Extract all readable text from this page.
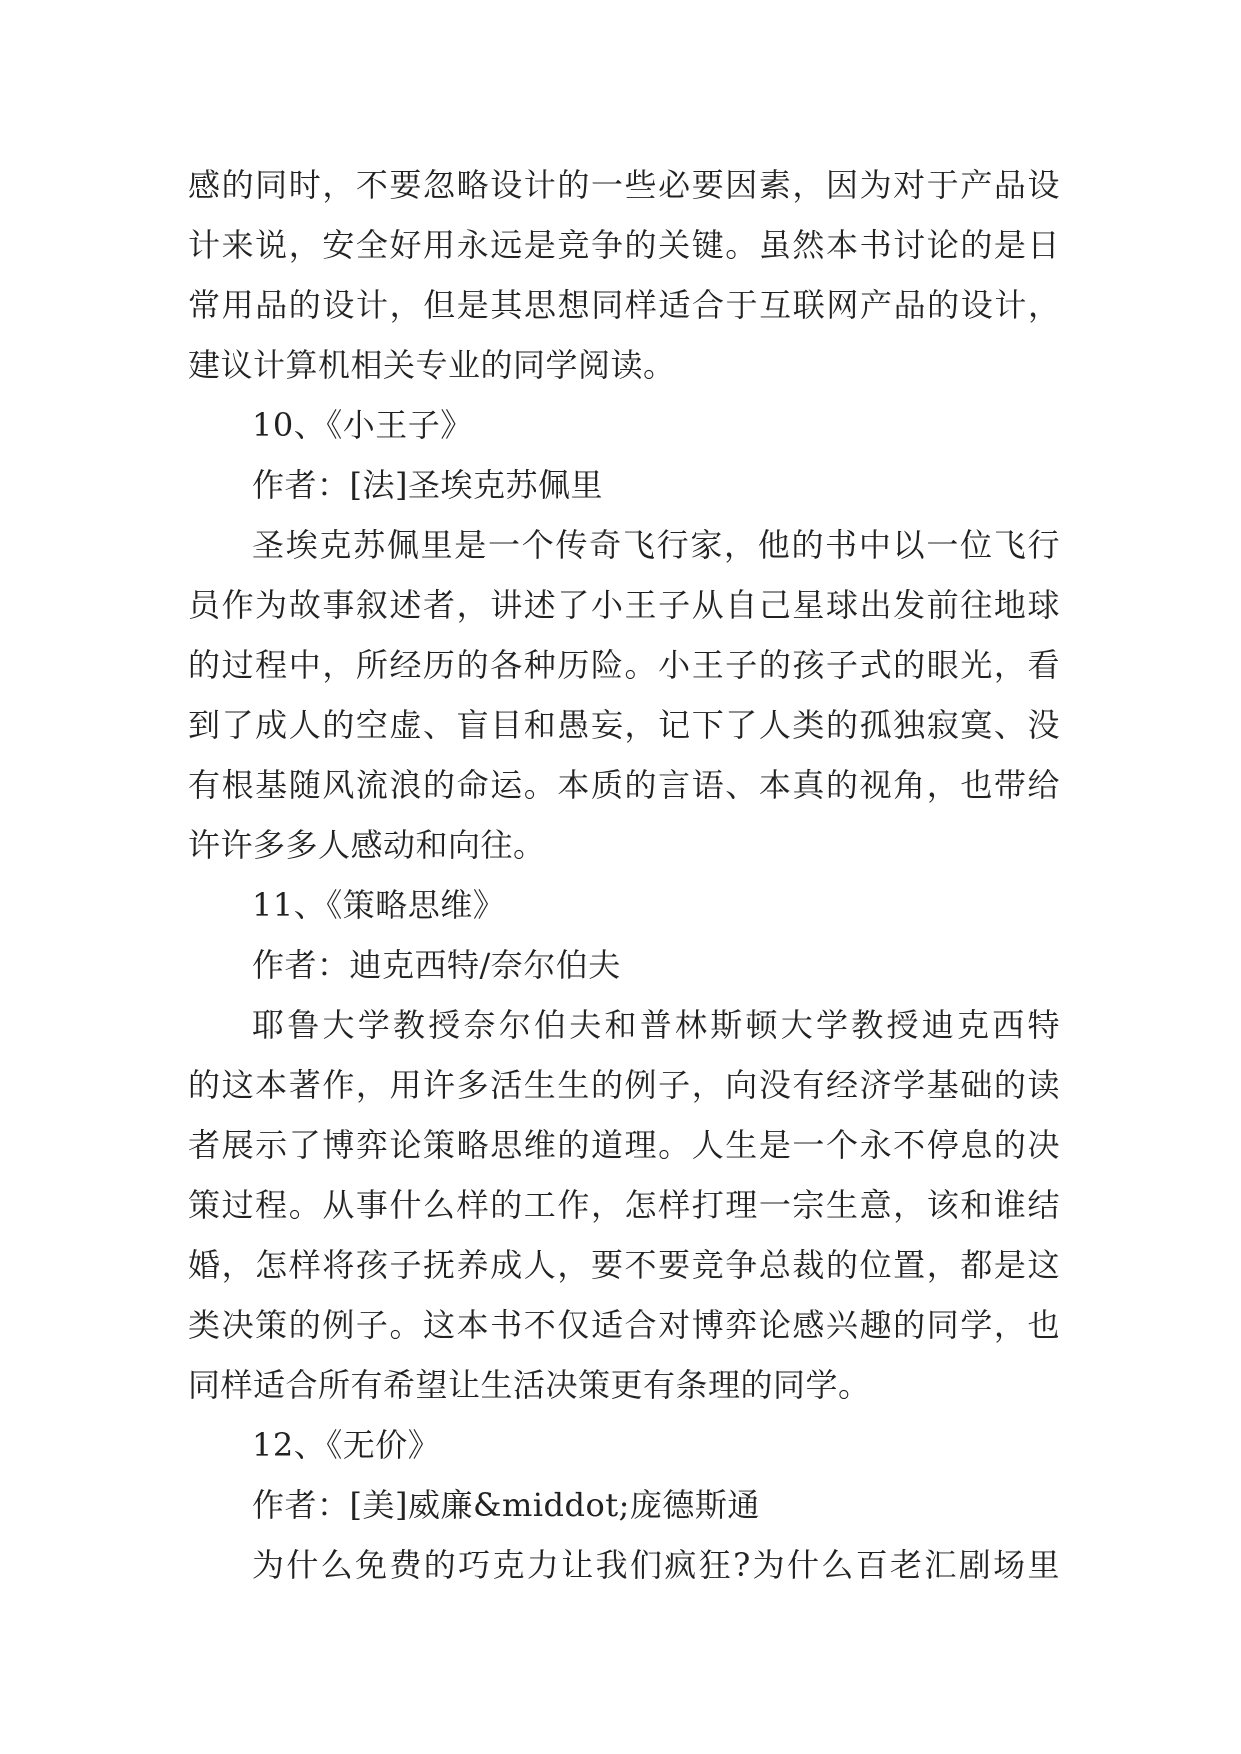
感的同时，不要忽略设计的一些必要因素，因为对于产品设
计来说，安全好用永远是竞争的关键。虽然本书讨论的是日
常用品的设计，但是其思想同样适合于互联网产品的设计，
建议计算机相关专业的同学阅读。
10、《小王子》
作者：[法]圣埃克苏佩里
圣埃克苏佩里是一个传奇飞行家，他的书中以一位飞行
员作为故事叙述者，讲述了小王子从自己星球出发前往地球
的过程中，所经历的各种历险。小王子的孩子式的眼光，看
到了成人的空虚、盲目和愚妄，记下了人类的孤独寂寞、没
有根基随风流浪的命运。本质的言语、本真的视角，也带给
许许多多人感动和向往。
11、《策略思维》
作者：迪克西特/奈尔伯夫
耶鲁大学教授奈尔伯夫和普林斯顿大学教授迪克西特
的这本著作，用许多活生生的例子，向没有经济学基础的读
者展示了博弈论策略思维的道理。人生是一个永不停息的决
策过程。从事什么样的工作，怎样打理一宗生意，该和谁结
婚，怎样将孩子抚养成人，要不要竞争总裁的位置，都是这
类决策的例子。这本书不仅适合对博弈论感兴趣的同学，也
同样适合所有希望让生活决策更有条理的同学。
12、《无价》
作者：[美]威廉&middot;庞德斯通
为什么免费的巧克力让我们疯狂?为什么百老汇剧场里
